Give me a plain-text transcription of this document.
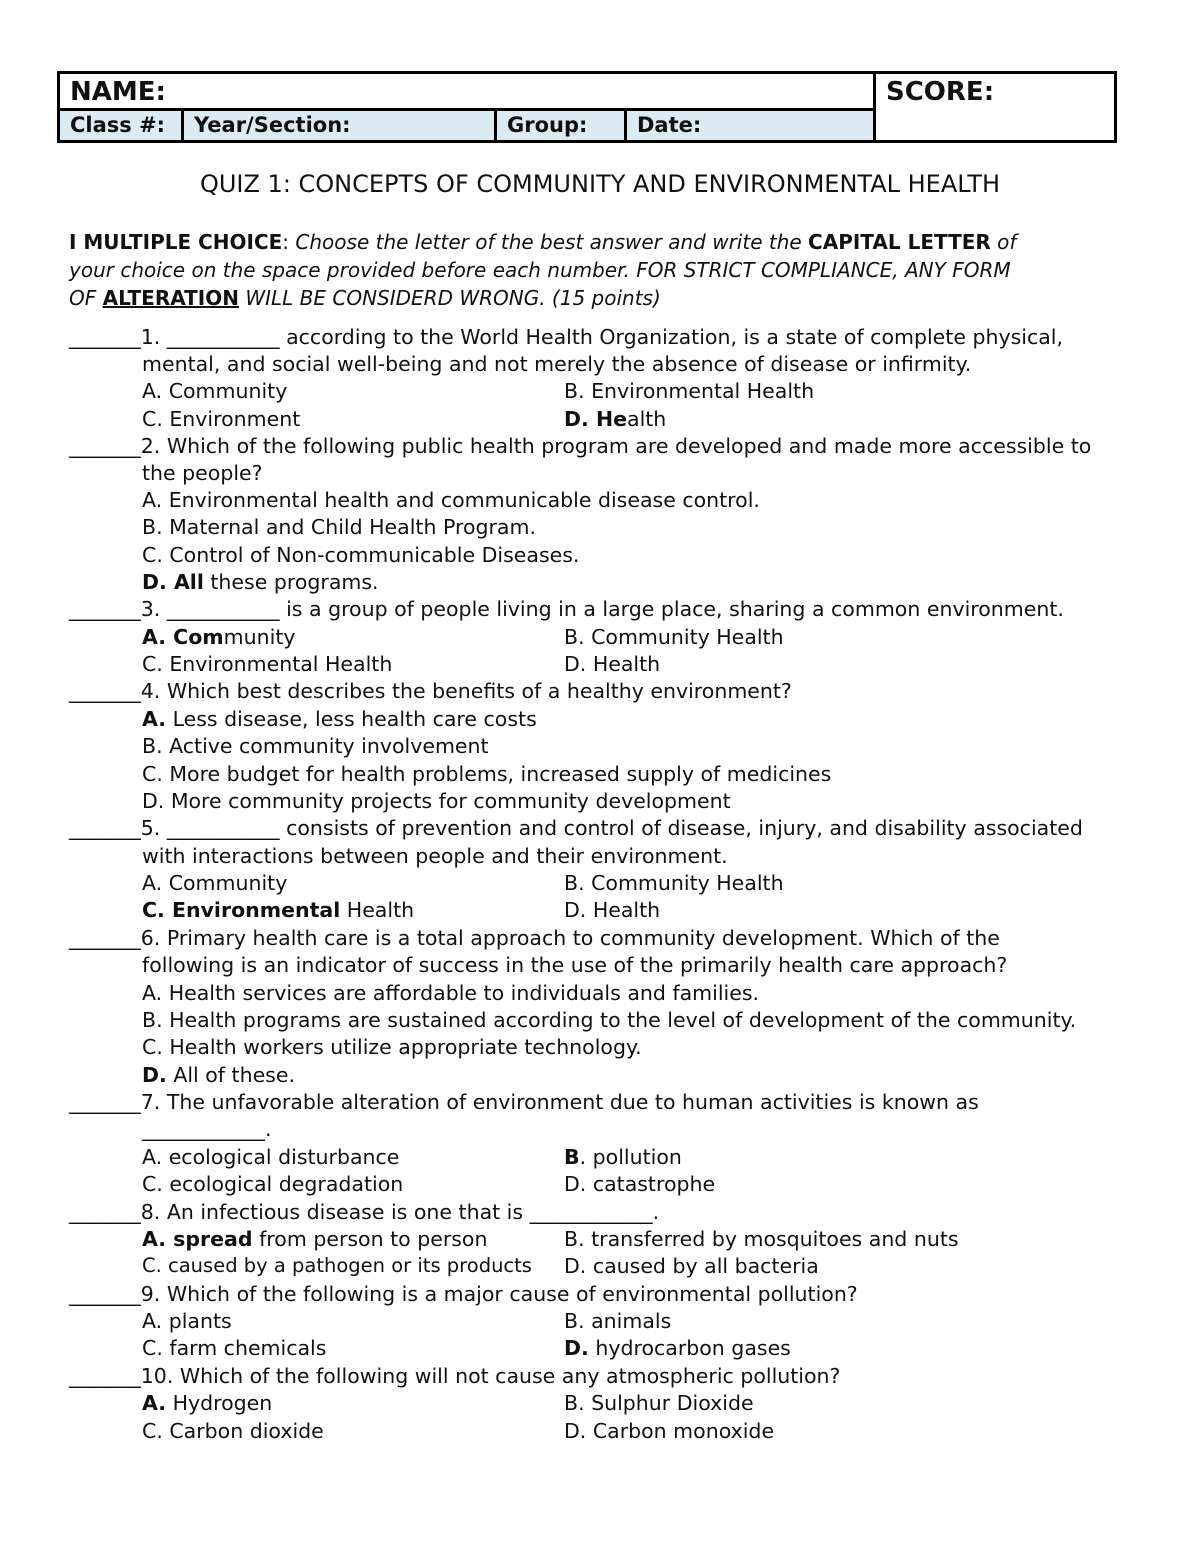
NAME:
Class #:	Year/Section:	Group:	Date:
SCORE:
QUIZ 1: CONCEPTS OF COMMUNITY AND ENVIRONMENTAL HEALTH
I MULTIPLE CHOICE: Choose the letter of the best answer and write the CAPITAL LETTER of
your choice on the space provided before each number. FOR STRICT COMPLIANCE, ANY FORM
OF ALTERATION WILL BE CONSIDERD WRONG. (15 points)
_______1. ___________ according to the World Health Organization, is a state of complete physical,
mental, and social well-being and not merely the absence of disease or infirmity.
A. Community	B. Environmental Health
C. Environment	D. Health
_______2. Which of the following public health program are developed and made more accessible to
the people?
A. Environmental health and communicable disease control.
B. Maternal and Child Health Program.
C. Control of Non-communicable Diseases.
D. All these programs.
_______3. ___________ is a group of people living in a large place, sharing a common environment.
A. Community	B. Community Health
C. Environmental Health	D. Health
_______4. Which best describes the benefits of a healthy environment?
A. Less disease, less health care costs
B. Active community involvement
C. More budget for health problems, increased supply of medicines
D. More community projects for community development
_______5. ___________ consists of prevention and control of disease, injury, and disability associated
with interactions between people and their environment.
A. Community	B. Community Health
C. Environmental Health	D. Health
_______6. Primary health care is a total approach to community development. Which of the
following is an indicator of success in the use of the primarily health care approach?
A. Health services are affordable to individuals and families.
B. Health programs are sustained according to the level of development of the community.
C. Health workers utilize appropriate technology.
D. All of these.
_______7. The unfavorable alteration of environment due to human activities is known as
____________.
A. ecological disturbance	B. pollution
C. ecological degradation	D. catastrophe
_______8. An infectious disease is one that is ____________.
A. spread from person to person	B. transferred by mosquitoes and nuts
C. caused by a pathogen or its products D. caused by all bacteria
_______9. Which of the following is a major cause of environmental pollution?
A. plants	B. animals
C. farm chemicals	D. hydrocarbon gases
_______10. Which of the following will not cause any atmospheric pollution?
A. Hydrogen	B. Sulphur Dioxide
C. Carbon dioxide	D. Carbon monoxide
